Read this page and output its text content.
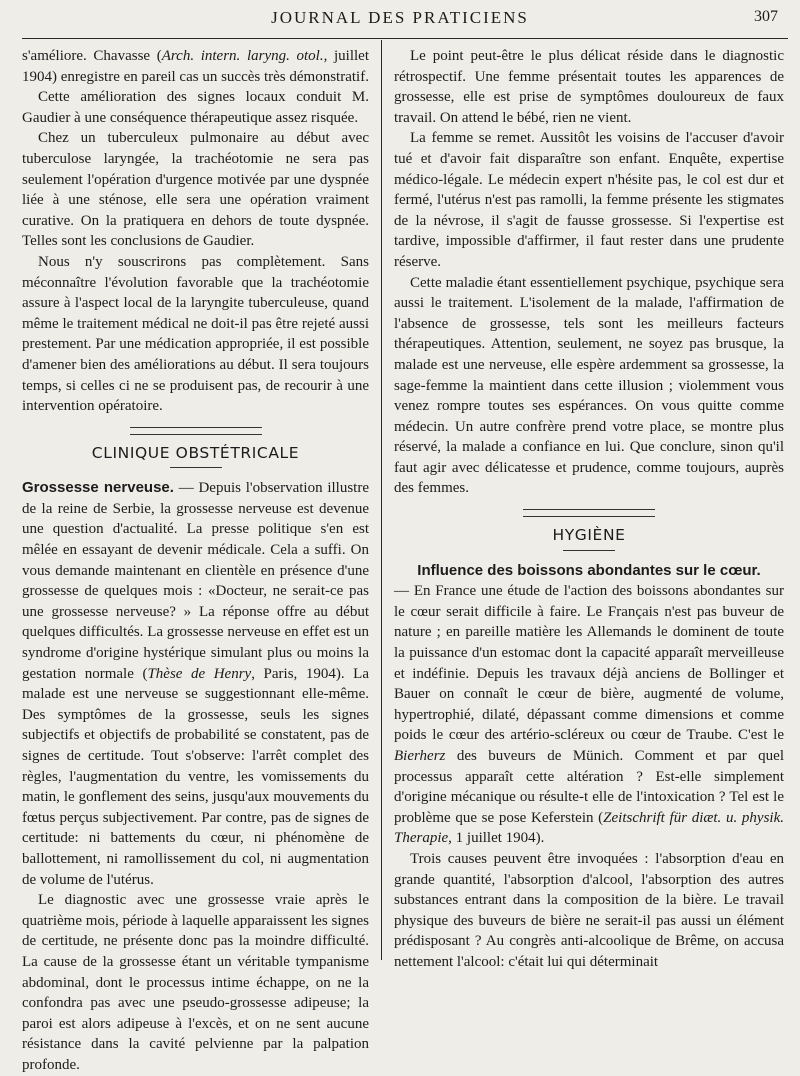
JOURNAL DES PRATICIENS	307

s'améliore. Chavasse (Arch. intern. laryng. otol., juillet 1904) enregistre en pareil cas un succès très démonstratif.

Cette amélioration des signes locaux conduit M. Gaudier à une conséquence thérapeutique assez risquée.

Chez un tuberculeux pulmonaire au début avec tuberculose laryngée, la trachéotomie ne sera pas seulement l'opération d'urgence motivée par une dyspnée liée à une sténose, elle sera une opération vraiment curative. On la pratiquera en dehors de toute dyspnée. Telles sont les conclusions de Gaudier.

Nous n'y souscrirons pas complètement. Sans méconnaître l'évolution favorable que la trachéotomie assure à l'aspect local de la laryngite tuberculeuse, quand même le traitement médical ne doit-il pas être rejeté aussi prestement. Par une médication appropriée, il est possible d'amener bien des améliorations au début. Il sera toujours temps, si celles ci ne se produisent pas, de recourir à une intervention opératoire.

CLINIQUE OBSTÉTRICALE

Grossesse nerveuse. — Depuis l'observation illustre de la reine de Serbie, la grossesse nerveuse est devenue une question d'actualité. La presse politique s'en est mêlée en essayant de devenir médicale. Cela a suffi. On vous demande maintenant en clientèle en présence d'une grossesse de quelques mois : «Docteur, ne serait-ce pas une grossesse nerveuse? » La réponse offre au début quelques difficultés. La grossesse nerveuse en effet est un syndrome d'origine hystérique simulant plus ou moins la gestation normale (Thèse de Henry, Paris, 1904). La malade est une nerveuse se suggestionnant elle-même. Des symptômes de la grossesse, seuls les signes subjectifs et objectifs de probabilité se constatent, pas de signes de certitude. Tout s'observe: l'arrêt complet des règles, l'augmentation du ventre, les vomissements du matin, le gonflement des seins, jusqu'aux mouvements du fœtus perçus subjectivement. Par contre, pas de signes de certitude: ni battements du cœur, ni phénomène de ballottement, ni ramollissement du col, ni augmentation de volume de l'utérus.

Le diagnostic avec une grossesse vraie après le quatrième mois, période à laquelle apparaissent les signes de certitude, ne présente donc pas la moindre difficulté. La cause de la grossesse étant un véritable tympanisme abdominal, dont le processus intime échappe, on ne la confondra pas avec une pseudo-grossesse adipeuse; la paroi est alors adipeuse à l'excès, et on ne sent aucune résistance dans la cavité pelvienne par la palpation profonde.

Le point peut-être le plus délicat réside dans le diagnostic rétrospectif. Une femme présentait toutes les apparences de grossesse, elle est prise de symptômes douloureux de faux travail. On attend le bébé, rien ne vient.

La femme se remet. Aussitôt les voisins de l'accuser d'avoir tué et d'avoir fait disparaître son enfant. Enquête, expertise médico-légale. Le médecin expert n'hésite pas, le col est dur et fermé, l'utérus n'est pas ramolli, la femme présente les stigmates de la névrose, il s'agit de fausse grossesse. Si l'expertise est tardive, impossible d'affirmer, il faut rester dans une prudente réserve.

Cette maladie étant essentiellement psychique, psychique sera aussi le traitement. L'isolement de la malade, l'affirmation de l'absence de grossesse, tels sont les meilleurs facteurs thérapeutiques. Attention, seulement, ne soyez pas brusque, la malade est une nerveuse, elle espère ardemment sa grossesse, la sage-femme la maintient dans cette illusion ; violemment vous venez rompre toutes ses espérances. On vous quitte comme médecin. Un autre confrère prend votre place, se montre plus réservé, la malade a confiance en lui. Que conclure, sinon qu'il faut agir avec délicatesse et prudence, comme toujours, auprès des femmes.

HYGIÈNE
Influence des boissons abondantes sur le cœur.

— En France une étude de l'action des boissons abondantes sur le cœur serait difficile à faire. Le Français n'est pas buveur de nature ; en pareille matière les Allemands le dominent de toute la puissance d'un estomac dont la capacité apparaît merveilleuse et indéfinie. Depuis les travaux déjà anciens de Bollinger et Bauer on connaît le cœur de bière, augmenté de volume, hypertrophié, dilaté, dépassant comme dimensions et comme poids le cœur des artério-scléreux ou cœur de Traube. C'est le Bierherz des buveurs de Münich. Comment et par quel processus apparaît cette altération ? Est-elle simplement d'origine mécanique ou résulte-t elle de l'intoxication ? Tel est le problème que se pose Keferstein (Zeitschrift für diæt. u. physik. Therapie, 1 juillet 1904).

Trois causes peuvent être invoquées : l'absorption d'eau en grande quantité, l'absorption d'alcool, l'absorption des autres substances entrant dans la composition de la bière. Le travail physique des buveurs de bière ne serait-il pas aussi un élément prédisposant ? Au congrès anti-alcoolique de Brême, on accusa nettement l'alcool: c'était lui qui déterminait
